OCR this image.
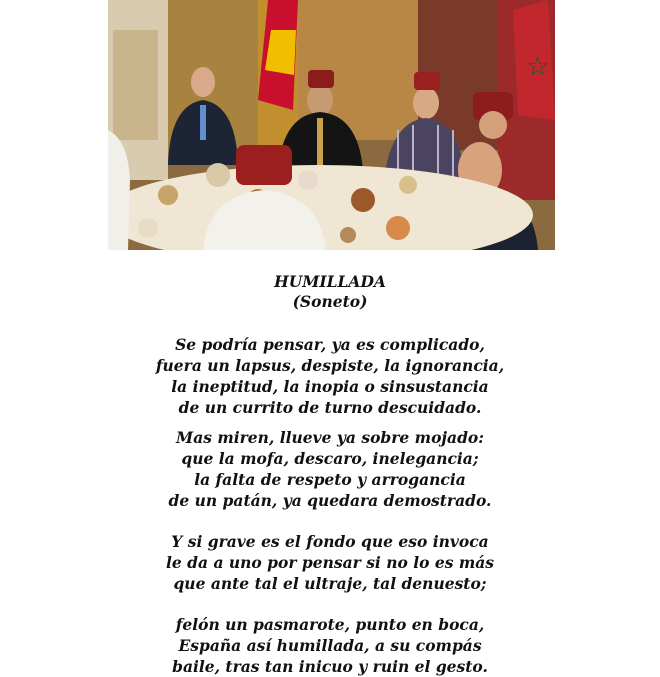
☆
HUMILLADA
(Soneto)
Se podría pensar, ya es complicado,
fuera un lapsus, despiste, la ignorancia,
la ineptitud, la inopia o sinsustancia
de un currito de turno descuidado.
Mas miren, llueve ya sobre mojado:
que la mofa, descaro, inelegancia;
la falta de respeto y arrogancia
de un patán, ya quedara demostrado.
Y si grave es el fondo que eso invoca
le da a uno por pensar si no lo es más
que ante tal el ultraje, tal denuesto;
felón un pasmarote, punto en boca,
España así humillada, a su compás
baile, tras tan inicuo y ruin el gesto.
